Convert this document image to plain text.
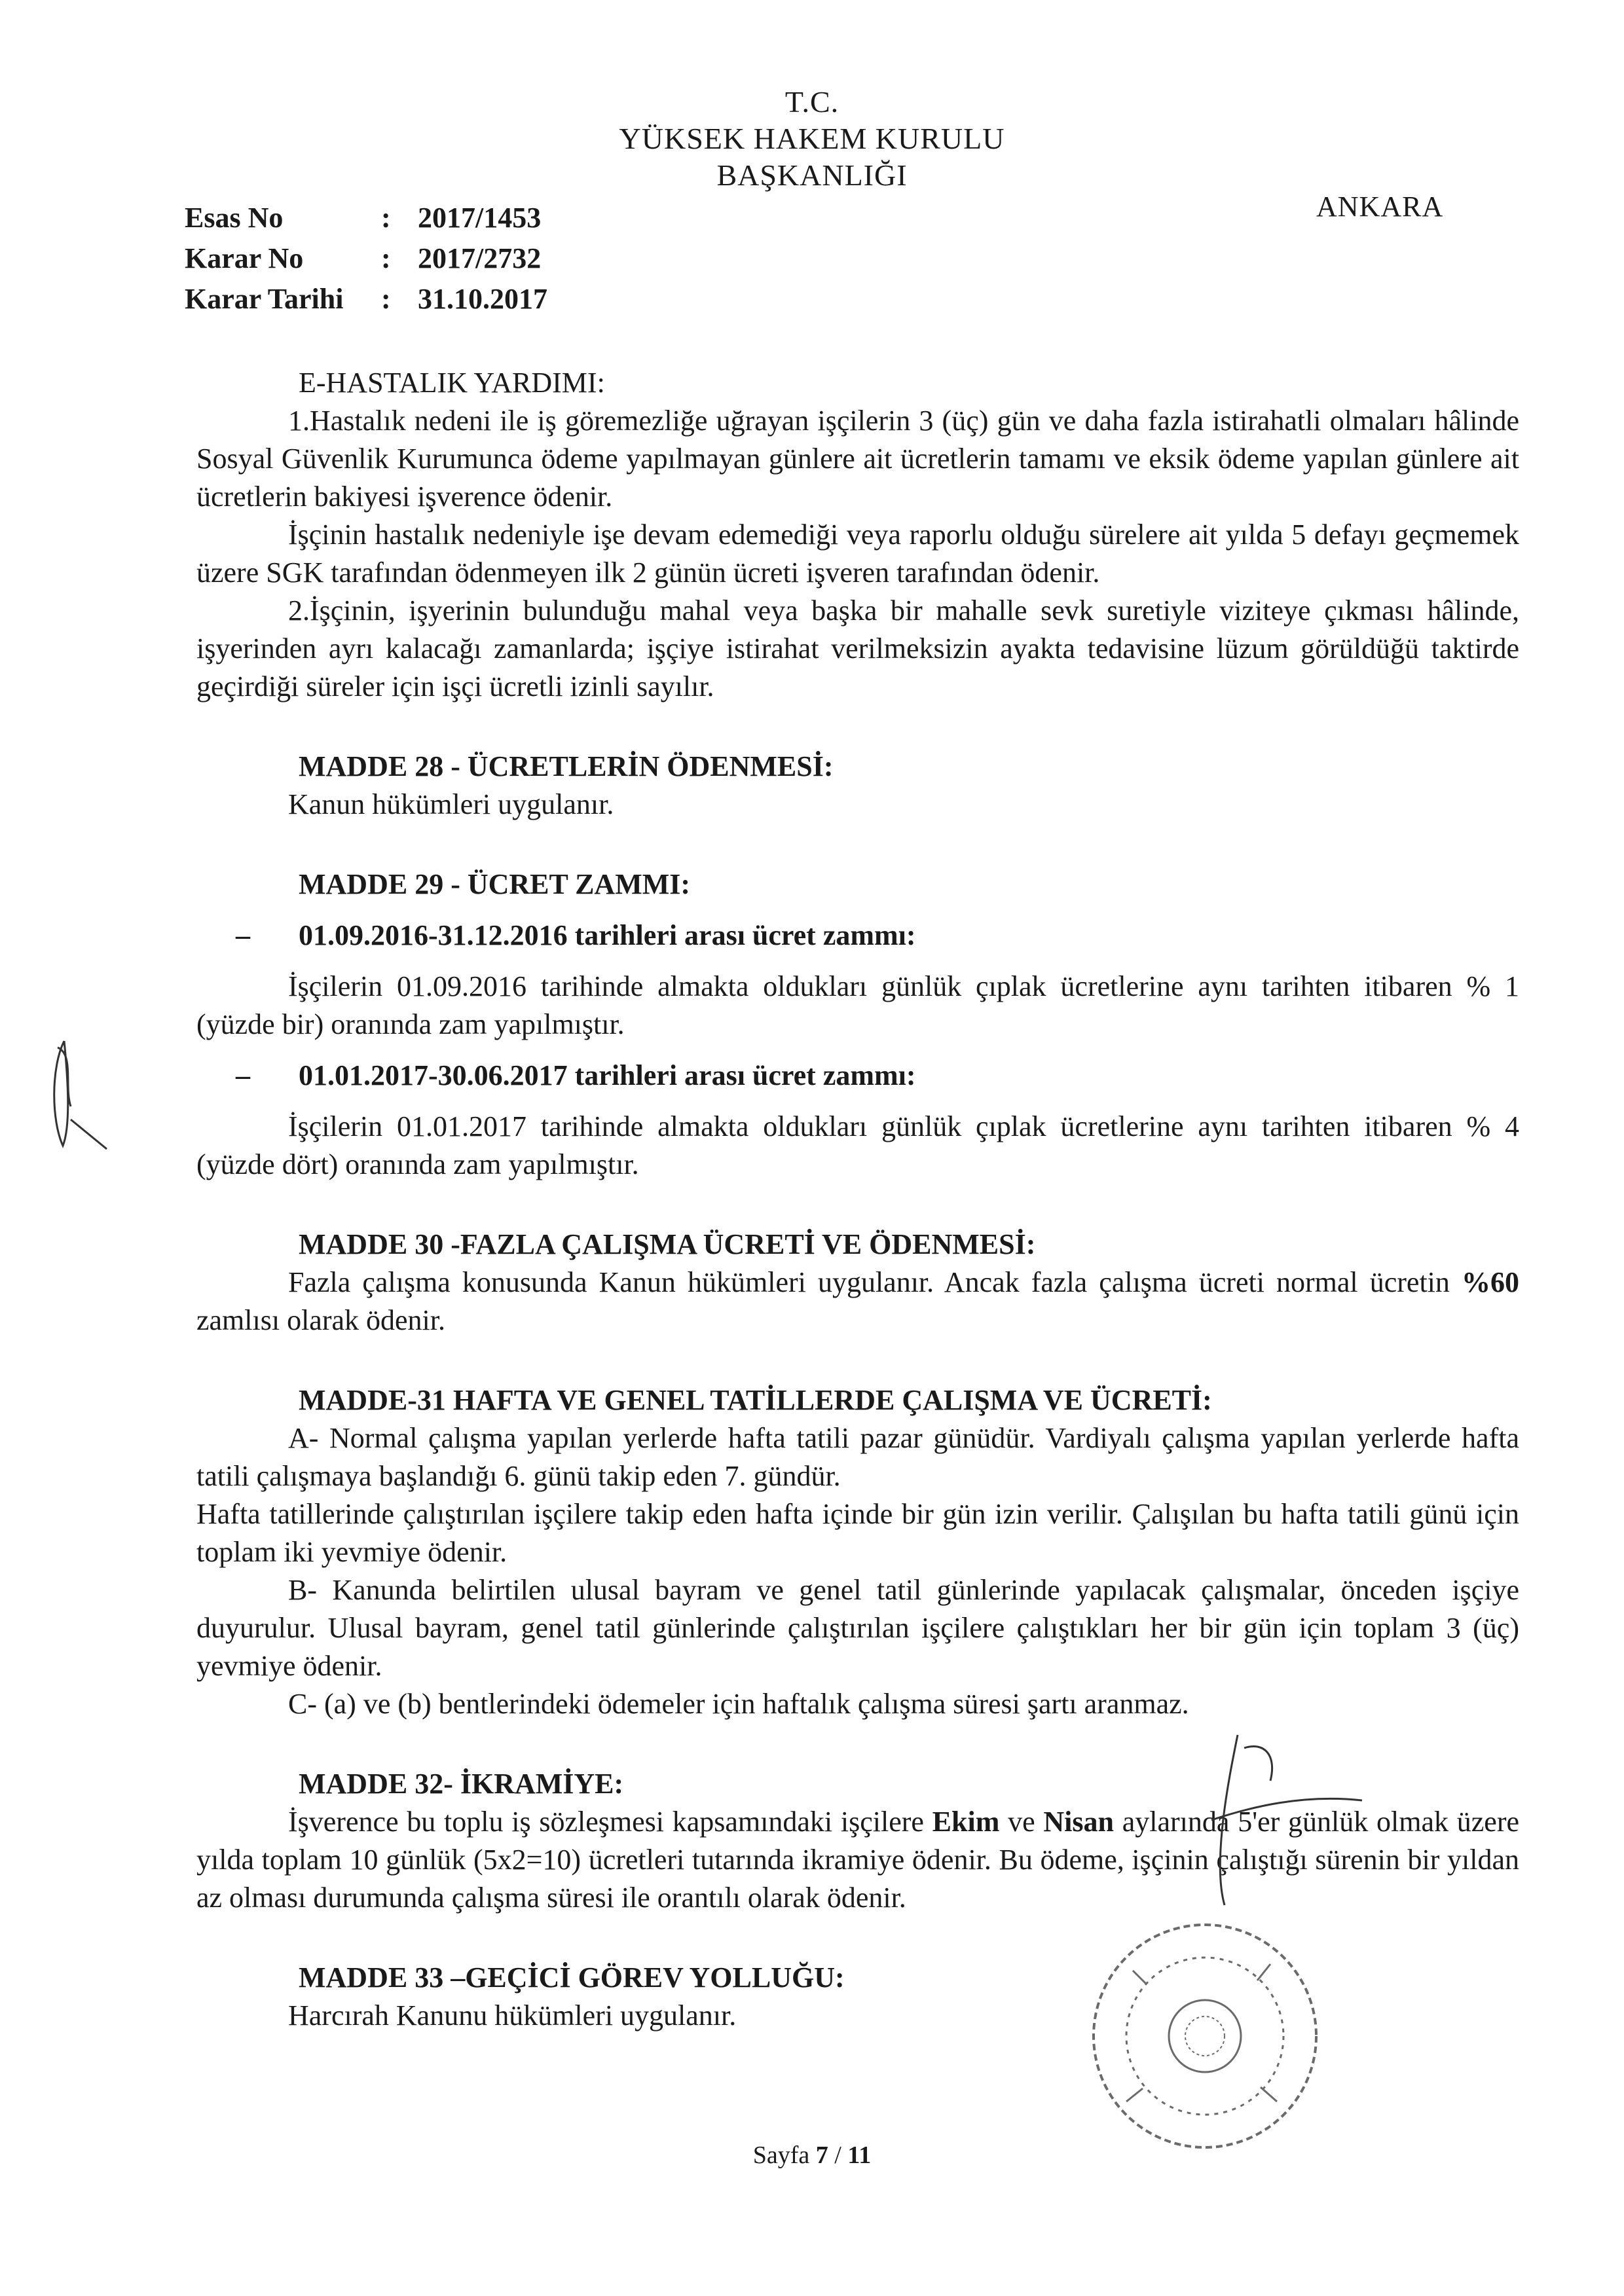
T.C.
YÜKSEK HAKEM KURULU
BAŞKANLIĞI
ANKARA
Esas No	: 2017/1453
Karar No	: 2017/2732
Karar Tarihi	: 31.10.2017

E-HASTALIK YARDIMI:

1.Hastalık nedeni ile iş göremezliğe uğrayan işçilerin 3 (üç) gün ve daha fazla istirahatli olmaları hâlinde Sosyal Güvenlik Kurumunca ödeme yapılmayan günlere ait ücretlerin tamamı ve eksik ödeme yapılan günlere ait ücretlerin bakiyesi işverence ödenir.

İşçinin hastalık nedeniyle işe devam edemediği veya raporlu olduğu sürelere ait yılda 5 defayı geçmemek üzere SGK tarafından ödenmeyen ilk 2 günün ücreti işveren tarafından ödenir.

2.İşçinin, işyerinin bulunduğu mahal veya başka bir mahalle sevk suretiyle viziteye çıkması hâlinde, işyerinden ayrı kalacağı zamanlarda; işçiye istirahat verilmeksizin ayakta tedavisine lüzum görüldüğü taktirde geçirdiği süreler için işçi ücretli izinli sayılır.

MADDE 28 - ÜCRETLERİN ÖDENMESİ:

Kanun hükümleri uygulanır.

MADDE 29 - ÜCRET ZAMMI:

– 01.09.2016-31.12.2016 tarihleri arası ücret zammı:

İşçilerin 01.09.2016 tarihinde almakta oldukları günlük çıplak ücretlerine aynı tarihten itibaren % 1 (yüzde bir) oranında zam yapılmıştır.

– 01.01.2017-30.06.2017 tarihleri arası ücret zammı:

İşçilerin 01.01.2017 tarihinde almakta oldukları günlük çıplak ücretlerine aynı tarihten itibaren % 4 (yüzde dört) oranında zam yapılmıştır.

MADDE 30 -FAZLA ÇALIŞMA ÜCRETİ VE ÖDENMESİ:

Fazla çalışma konusunda Kanun hükümleri uygulanır. Ancak fazla çalışma ücreti normal ücretin %60 zamlısı olarak ödenir.

MADDE-31 HAFTA VE GENEL TATİLLERDE ÇALIŞMA VE ÜCRETİ:

A- Normal çalışma yapılan yerlerde hafta tatili pazar günüdür. Vardiyalı çalışma yapılan yerlerde hafta tatili çalışmaya başlandığı 6. günü takip eden 7. gündür.

Hafta tatillerinde çalıştırılan işçilere takip eden hafta içinde bir gün izin verilir. Çalışılan bu hafta tatili günü için toplam iki yevmiye ödenir.

B- Kanunda belirtilen ulusal bayram ve genel tatil günlerinde yapılacak çalışmalar, önceden işçiye duyurulur. Ulusal bayram, genel tatil günlerinde çalıştırılan işçilere çalıştıkları her bir gün için toplam 3 (üç) yevmiye ödenir.

C- (a) ve (b) bentlerindeki ödemeler için haftalık çalışma süresi şartı aranmaz.

MADDE 32- İKRAMİYE:

İşverence bu toplu iş sözleşmesi kapsamındaki işçilere Ekim ve Nisan aylarında 5'er günlük olmak üzere yılda toplam 10 günlük (5x2=10) ücretleri tutarında ikramiye ödenir. Bu ödeme, işçinin çalıştığı sürenin bir yıldan az olması durumunda çalışma süresi ile orantılı olarak ödenir.

MADDE 33 –GEÇİCİ GÖREV YOLLUĞU:

Harcırah Kanunu hükümleri uygulanır.

Sayfa 7 / 11
